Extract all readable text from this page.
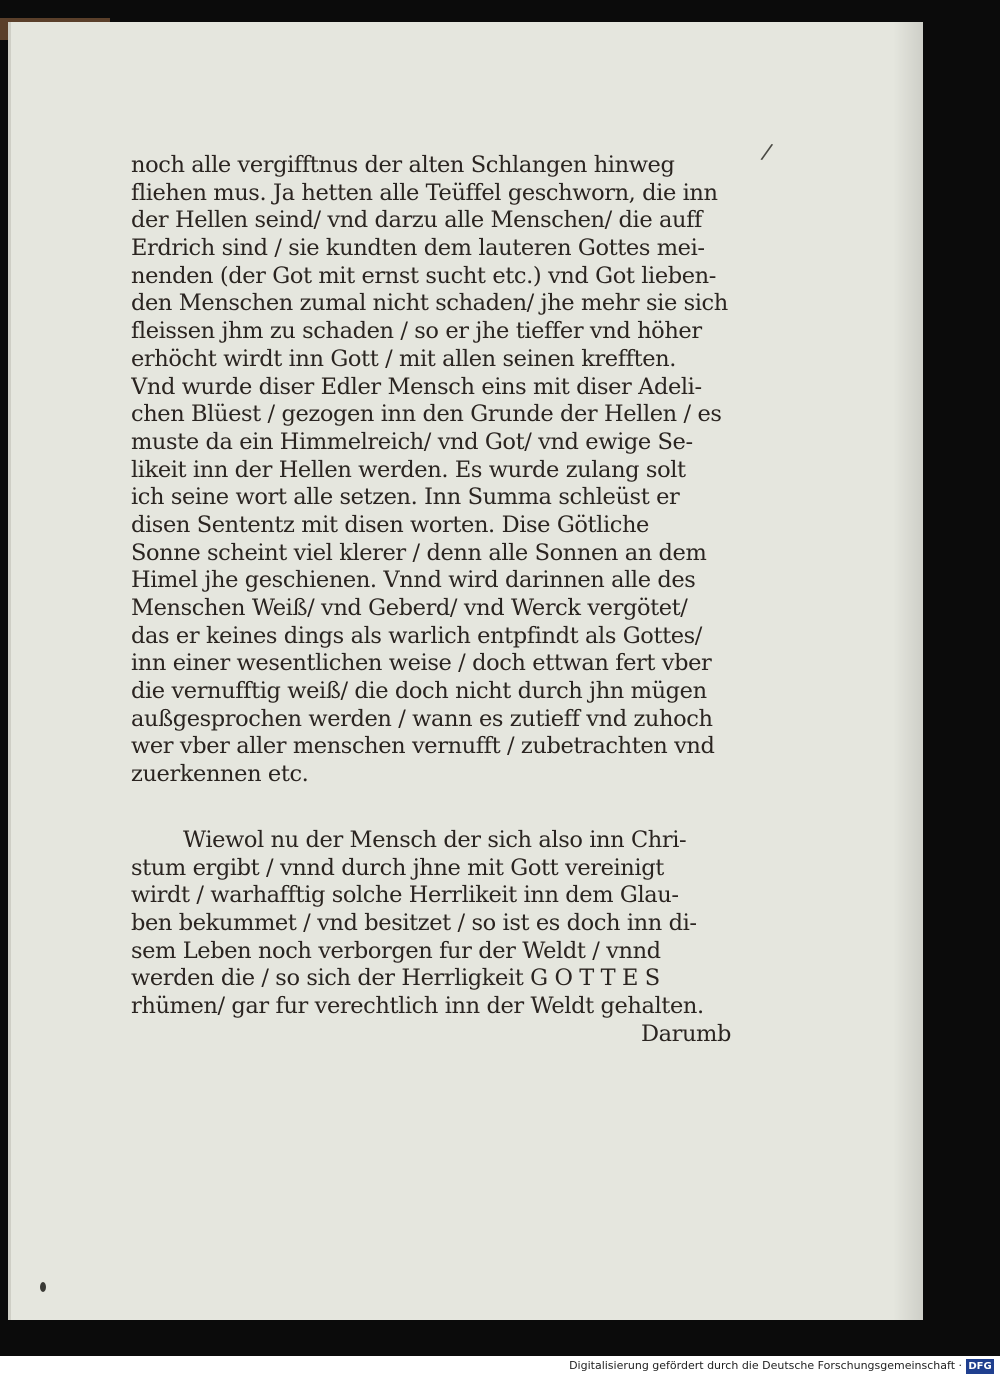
/
noch alle vergifftnus der alten Schlangen hinweg
fliehen mus. Ja hetten alle Teüffel geschworn, die inn
der Hellen seind/ vnd darzu alle Menschen/ die auff
Erdrich sind / sie kundten dem lauteren Gottes mei-
nenden (der Got mit ernst sucht etc.) vnd Got lieben-
den Menschen zumal nicht schaden/ jhe mehr sie sich
fleissen jhm zu schaden / so er jhe tieffer vnd höher
erhöcht wirdt inn Gott / mit allen seinen krefften.
Vnd wurde diser Edler Mensch eins mit diser Adeli-
chen Blüest / gezogen inn den Grunde der Hellen / es
muste da ein Himmelreich/ vnd Got/ vnd ewige Se-
likeit inn der Hellen werden. Es wurde zulang solt
ich seine wort alle setzen. Inn Summa schleüst er
disen Sententz mit disen worten. Dise Götliche
Sonne scheint viel klerer / denn alle Sonnen an dem
Himel jhe geschienen. Vnnd wird darinnen alle des
Menschen Weiß/ vnd Geberd/ vnd Werck vergötet/
das er keines dings als warlich entpfindt als Gottes/
inn einer wesentlichen weise / doch ettwan fert vber
die vernufftig weiß/ die doch nicht durch jhn mügen
außgesprochen werden / wann es zutieff vnd zuhoch
wer vber aller menschen vernufft / zubetrachten vnd
zuerkennen etc.
Wiewol nu der Mensch der sich also inn Chri-
stum ergibt / vnnd durch jhne mit Gott vereinigt
wirdt / warhafftig solche Herrlikeit inn dem Glau-
ben bekummet / vnd besitzet / so ist es doch inn di-
sem Leben noch verborgen fur der Weldt / vnnd
werden die / so sich der Herrligkeit G O T T E S
rhümen/ gar fur verechtlich inn der Weldt gehalten.
Darumb
Digitalisierung gefördert durch die Deutsche Forschungsgemeinschaft · DFG
